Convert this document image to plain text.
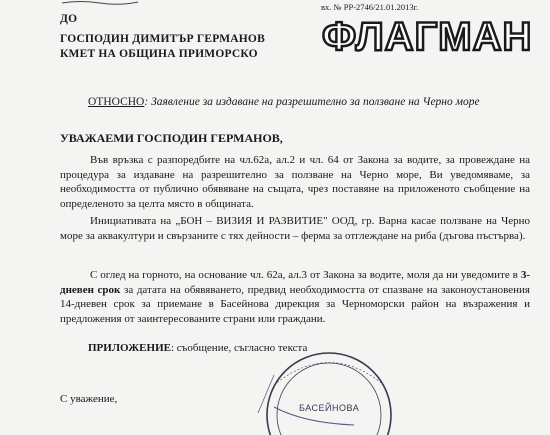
вх. № РР-2746/21.01.2013г.
ФЛАГМАН
ДО
ГОСПОДИН ДИМИТЪР ГЕРМАНОВ
КМЕТ НА ОБЩИНА ПРИМОРСКО
ОТНОСНО: Заявление за издаване на разрешително за ползване на Черно море
УВАЖАЕМИ ГОСПОДИН ГЕРМАНОВ,
Във връзка с разпоредбите на чл.62а, ал.2 и чл. 64 от Закона за водите, за провеждане на процедура за издаване на разрешително за ползване на Черно море, Ви уведомяваме, за необходимостта от публично обявяване на същата, чрез поставяне на приложеното съобщение на определеното за целта място в общината.
Инициативата на „БОН – ВИЗИЯ И РАЗВИТИЕ" ООД, гр. Варна касае ползване на Черно море за аквакултури и свързаните с тях дейности – ферма за отглеждане на риба (дъгова пъстърва).
С оглед на горното, на основание чл. 62а, ал.3 от Закона за водите, моля да ни уведомите в 3-дневен срок за датата на обявяването, предвид необходимостта от спазване на законоустановения 14-дневен срок за приемане в Басейнова дирекция за Черноморски район на възражения и предложения от заинтересованите страни или граждани.
ПРИЛОЖЕНИЕ: съобщение, съгласно текста
С уважение,
БАСЕЙНОВА
